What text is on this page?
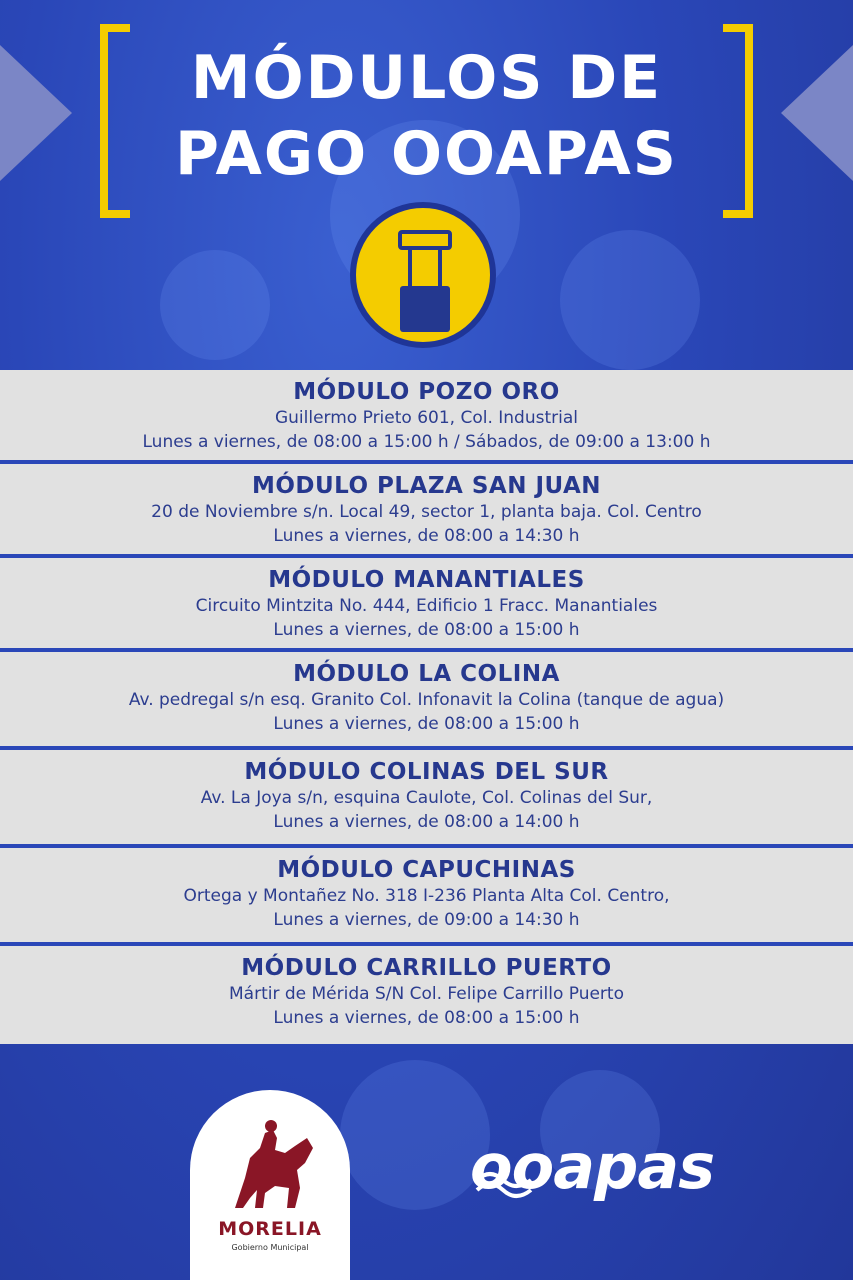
MÓDULOS DE
PAGO OOAPAS
MÓDULO POZO ORO
Guillermo Prieto 601, Col. Industrial
Lunes a viernes, de 08:00 a 15:00 h / Sábados, de 09:00 a 13:00 h
MÓDULO PLAZA SAN JUAN
20 de Noviembre s/n. Local 49, sector 1, planta baja. Col. Centro
Lunes a viernes, de 08:00 a 14:30 h
MÓDULO MANANTIALES
Circuito Mintzita No. 444, Edificio 1 Fracc. Manantiales
Lunes a viernes, de 08:00 a 15:00 h
MÓDULO LA COLINA
Av. pedregal s/n esq. Granito Col. Infonavit la Colina (tanque de agua)
Lunes a viernes, de 08:00 a 15:00 h
MÓDULO COLINAS DEL SUR
Av. La Joya s/n, esquina Caulote, Col. Colinas del Sur,
Lunes a viernes, de 08:00 a 14:00 h
MÓDULO CAPUCHINAS
Ortega y Montañez No. 318 I-236 Planta Alta Col. Centro,
Lunes a viernes, de 09:00 a 14:30 h
MÓDULO CARRILLO PUERTO
Mártir de Mérida S/N Col. Felipe Carrillo Puerto
Lunes a viernes, de 08:00 a 15:00 h
MORELIA
Gobierno Municipal
ooapas
